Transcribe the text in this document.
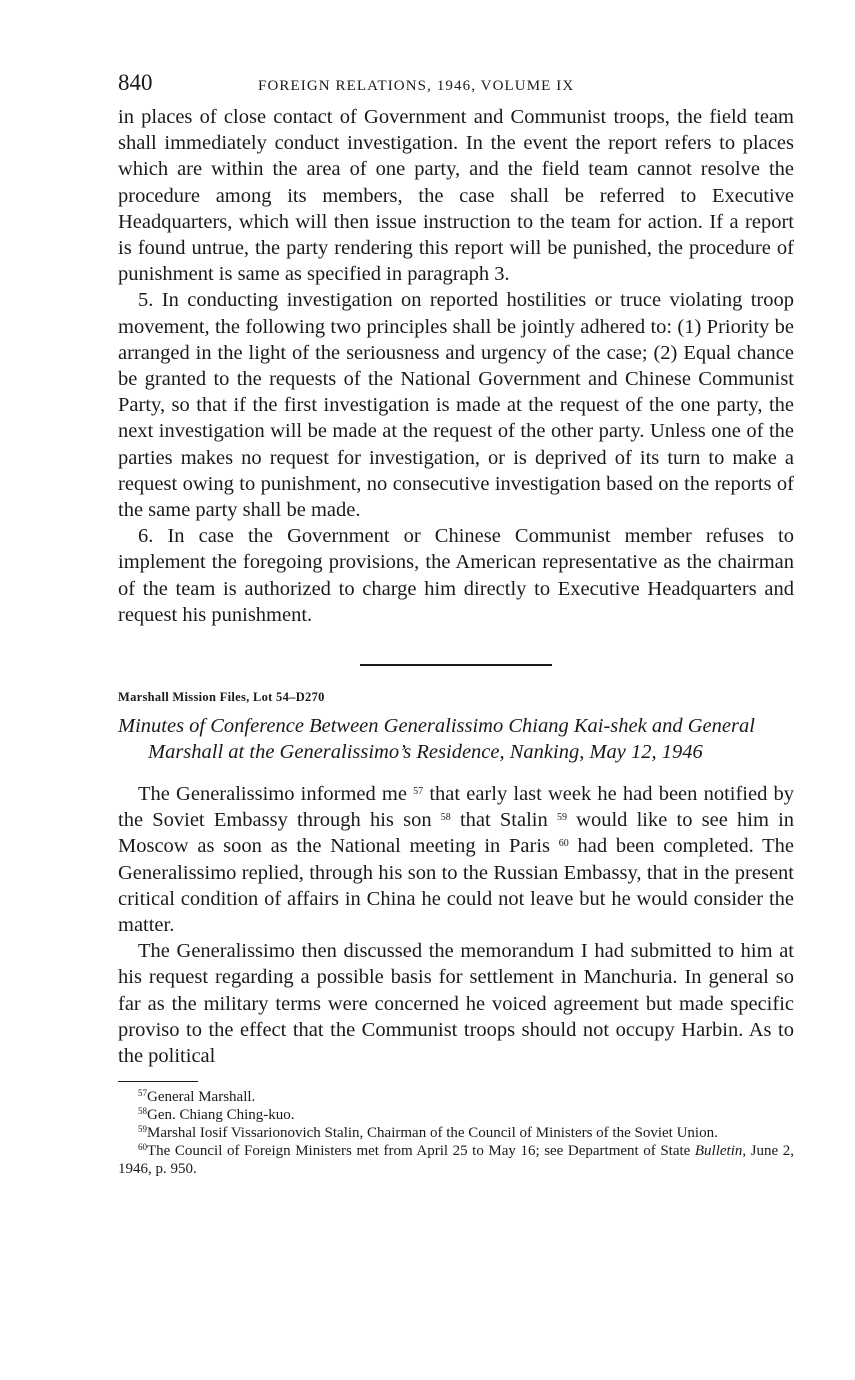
840	FOREIGN RELATIONS, 1946, VOLUME IX

in places of close contact of Government and Communist troops, the field team shall immediately conduct investigation. In the event the report refers to places which are within the area of one party, and the field team cannot resolve the procedure among its members, the case shall be referred to Executive Headquarters, which will then issue instruction to the team for action. If a report is found untrue, the party rendering this report will be punished, the procedure of punishment is same as specified in paragraph 3.

5. In conducting investigation on reported hostilities or truce violating troop movement, the following two principles shall be jointly adhered to: (1) Priority be arranged in the light of the seriousness and urgency of the case; (2) Equal chance be granted to the requests of the National Government and Chinese Communist Party, so that if the first investigation is made at the request of the one party, the next investigation will be made at the request of the other party. Unless one of the parties makes no request for investigation, or is deprived of its turn to make a request owing to punishment, no consecutive investigation based on the reports of the same party shall be made.

6. In case the Government or Chinese Communist member refuses to implement the foregoing provisions, the American representative as the chairman of the team is authorized to charge him directly to Executive Headquarters and request his punishment.

Marshall Mission Files, Lot 54–D270

Minutes of Conference Between Generalissimo Chiang Kai-shek and General Marshall at the Generalissimo’s Residence, Nanking, May 12, 1946

The Generalissimo informed me $^{57}$ that early last week he had been notified by the Soviet Embassy through his son $^{58}$ that Stalin $^{59}$ would like to see him in Moscow as soon as the National meeting in Paris $^{60}$ had been completed. The Generalissimo replied, through his son to the Russian Embassy, that in the present critical condition of affairs in China he could not leave but he would consider the matter.

The Generalissimo then discussed the memorandum I had submitted to him at his request regarding a possible basis for settlement in Manchuria. In general so far as the military terms were concerned he voiced agreement but made specific proviso to the effect that the Communist troops should not occupy Harbin. As to the political

$^{57}$General Marshall.

$^{58}$Gen. Chiang Ching-kuo.

$^{59}$Marshal Iosif Vissarionovich Stalin, Chairman of the Council of Ministers of the Soviet Union.

$^{60}$The Council of Foreign Ministers met from April 25 to May 16; see Department of State Bulletin, June 2, 1946, p. 950.
